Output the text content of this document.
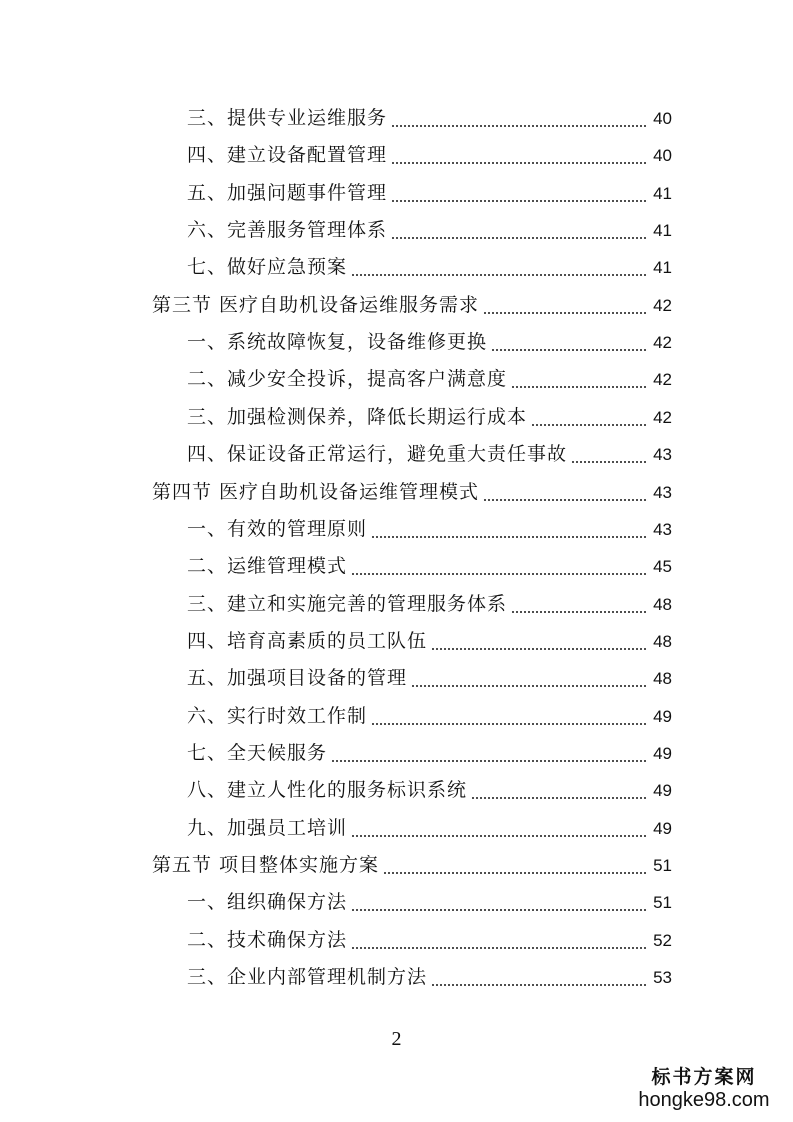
三、提供专业运维服务	40
四、建立设备配置管理	40
五、加强问题事件管理	41
六、完善服务管理体系	41
七、做好应急预案	41
第三节 医疗自助机设备运维服务需求	42
一、系统故障恢复，设备维修更换	42
二、减少安全投诉，提高客户满意度	42
三、加强检测保养，降低长期运行成本	42
四、保证设备正常运行，避免重大责任事故	43
第四节 医疗自助机设备运维管理模式	43
一、有效的管理原则	43
二、运维管理模式	45
三、建立和实施完善的管理服务体系	48
四、培育高素质的员工队伍	48
五、加强项目设备的管理	48
六、实行时效工作制	49
七、全天候服务	49
八、建立人性化的服务标识系统	49
九、加强员工培训	49
第五节 项目整体实施方案	51
一、组织确保方法	51
二、技术确保方法	52
三、企业内部管理机制方法	53
2
标书方案网
hongke98.com
